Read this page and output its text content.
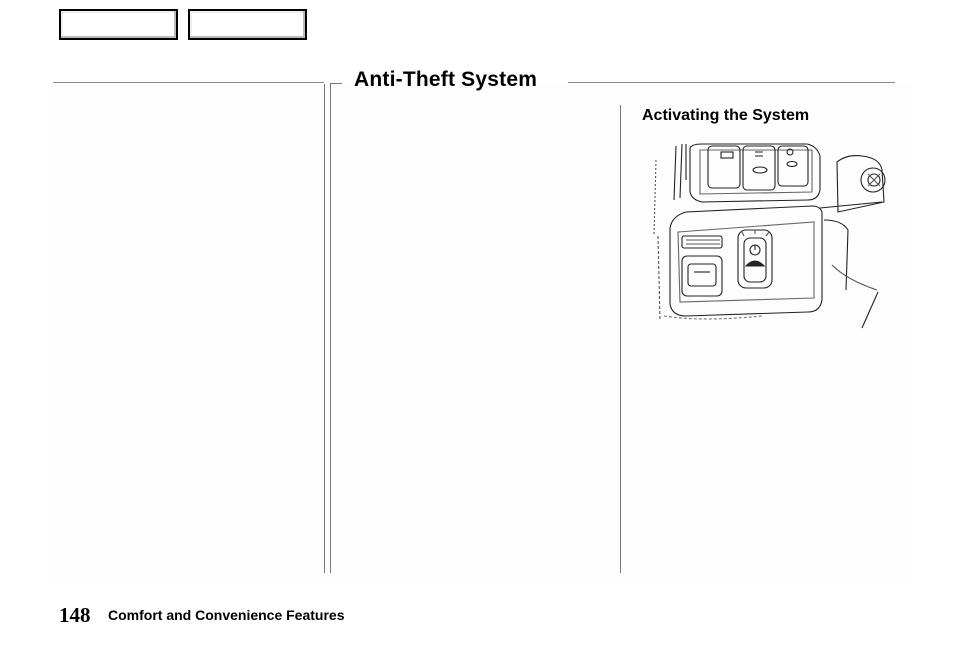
Anti-Theft System
Activating the System
148 Comfort and Convenience Features
